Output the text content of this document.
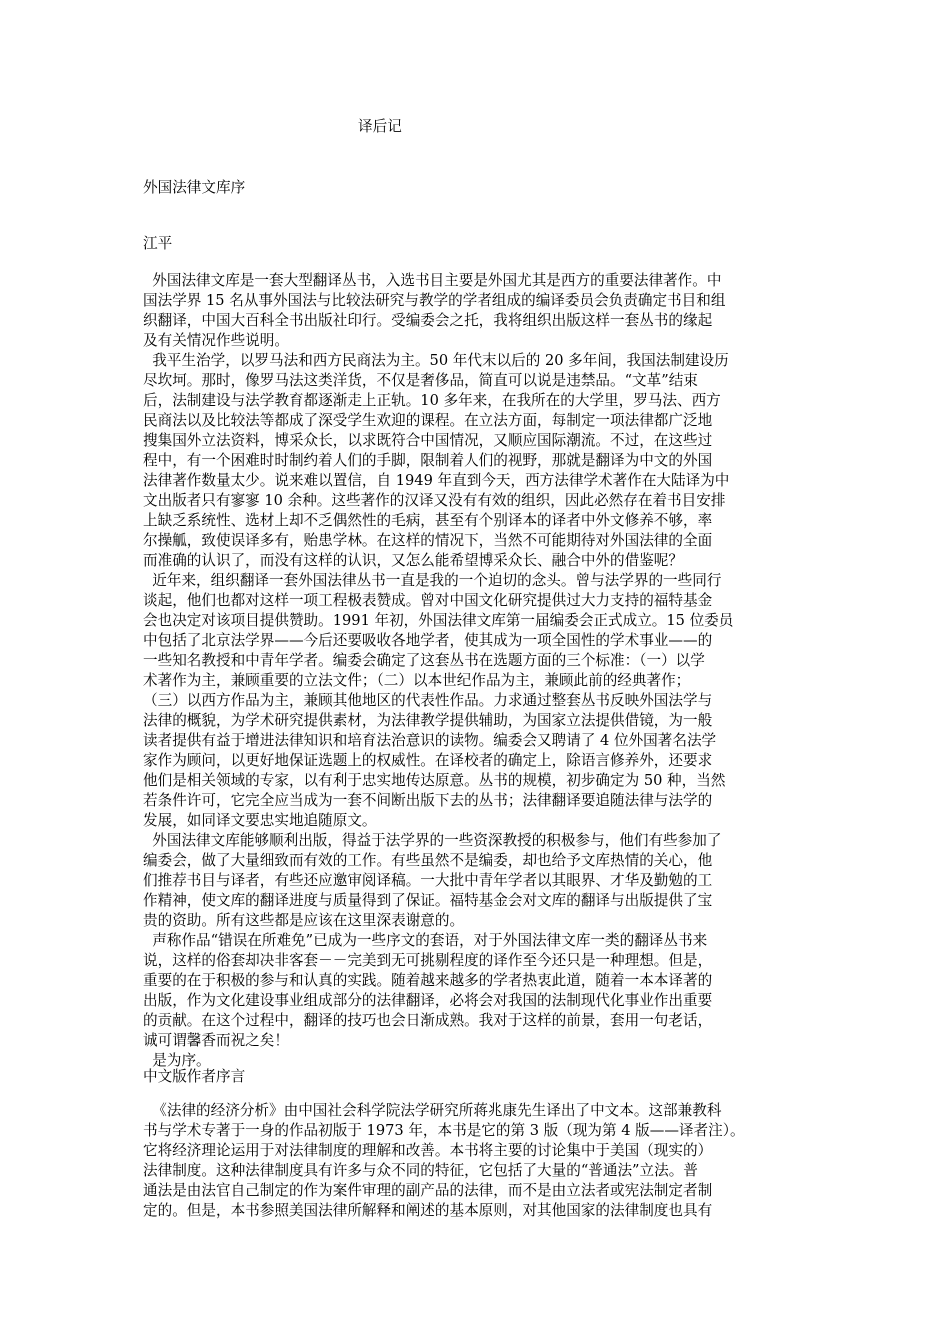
译后记
外国法律文库序
江平
外国法律文库是一套大型翻译丛书，入选书目主要是外国尤其是西方的重要法律著作。中
国法学界 15 名从事外国法与比较法研究与教学的学者组成的编译委员会负责确定书目和组
织翻译，中国大百科全书出版社印行。受编委会之托，我将组织出版这样一套丛书的缘起
及有关情况作些说明。
我平生治学，以罗马法和西方民商法为主。50 年代末以后的 20 多年间，我国法制建设历
尽坎坷。那时，像罗马法这类洋货，不仅是奢侈品，简直可以说是违禁品。“文革”结束
后，法制建设与法学教育都逐渐走上正轨。10 多年来，在我所在的大学里，罗马法、西方
民商法以及比较法等都成了深受学生欢迎的课程。在立法方面，每制定一项法律都广泛地
搜集国外立法资料，博采众长，以求既符合中国情况，又顺应国际潮流。不过，在这些过
程中，有一个困难时时制约着人们的手脚，限制着人们的视野，那就是翻译为中文的外国
法律著作数量太少。说来难以置信，自 1949 年直到今天，西方法律学术著作在大陆译为中
文出版者只有寥寥 10 余种。这些著作的汉译又没有有效的组织，因此必然存在着书目安排
上缺乏系统性、选材上却不乏偶然性的毛病，甚至有个别译本的译者中外文修养不够，率
尔操觚，致使误译多有，贻患学林。在这样的情况下，当然不可能期待对外国法律的全面
而准确的认识了，而没有这样的认识，又怎么能希望博采众长、融合中外的借鉴呢？
近年来，组织翻译一套外国法律丛书一直是我的一个迫切的念头。曾与法学界的一些同行
谈起，他们也都对这样一项工程极表赞成。曾对中国文化研究提供过大力支持的福特基金
会也决定对该项目提供赞助。1991 年初，外国法律文库第一届编委会正式成立。15 位委员
中包括了北京法学界——今后还要吸收各地学者，使其成为一项全国性的学术事业——的
一些知名教授和中青年学者。编委会确定了这套丛书在选题方面的三个标准：（一）以学
术著作为主，兼顾重要的立法文件；（二）以本世纪作品为主，兼顾此前的经典著作；
（三）以西方作品为主，兼顾其他地区的代表性作品。力求通过整套丛书反映外国法学与
法律的概貌，为学术研究提供素材，为法律教学提供辅助，为国家立法提供借镜，为一般
读者提供有益于增进法律知识和培育法治意识的读物。编委会又聘请了 4 位外国著名法学
家作为顾问，以更好地保证选题上的权威性。在译校者的确定上，除语言修养外，还要求
他们是相关领域的专家，以有利于忠实地传达原意。丛书的规模，初步确定为 50 种，当然
若条件许可，它完全应当成为一套不间断出版下去的丛书；法律翻译要追随法律与法学的
发展，如同译文要忠实地追随原文。
外国法律文库能够顺利出版，得益于法学界的一些资深教授的积极参与，他们有些参加了
编委会，做了大量细致而有效的工作。有些虽然不是编委，却也给予文库热情的关心，他
们推荐书目与译者，有些还应邀审阅译稿。一大批中青年学者以其眼界、才华及勤勉的工
作精神，使文库的翻译进度与质量得到了保证。福特基金会对文库的翻译与出版提供了宝
贵的资助。所有这些都是应该在这里深表谢意的。
声称作品“错误在所难免”已成为一些序文的套语，对于外国法律文库一类的翻译丛书来
说，这样的俗套却决非客套－－完美到无可挑剔程度的译作至今还只是一种理想。但是，
重要的在于积极的参与和认真的实践。随着越来越多的学者热衷此道，随着一本本译著的
出版，作为文化建设事业组成部分的法律翻译，必将会对我国的法制现代化事业作出重要
的贡献。在这个过程中，翻译的技巧也会日渐成熟。我对于这样的前景，套用一句老话，
诚可谓馨香而祝之矣！
是为序。
中文版作者序言
《法律的经济分析》由中国社会科学院法学研究所蒋兆康先生译出了中文本。这部兼教科
书与学术专著于一身的作品初版于 1973 年，本书是它的第 3 版（现为第 4 版——译者注）。
它将经济理论运用于对法律制度的理解和改善。本书将主要的讨论集中于美国（现实的）
法律制度。这种法律制度具有许多与众不同的特征，它包括了大量的“普通法”立法。普
通法是由法官自己制定的作为案件审理的副产品的法律，而不是由立法者或宪法制定者制
定的。但是，本书参照美国法律所解释和阐述的基本原则，对其他国家的法律制度也具有
